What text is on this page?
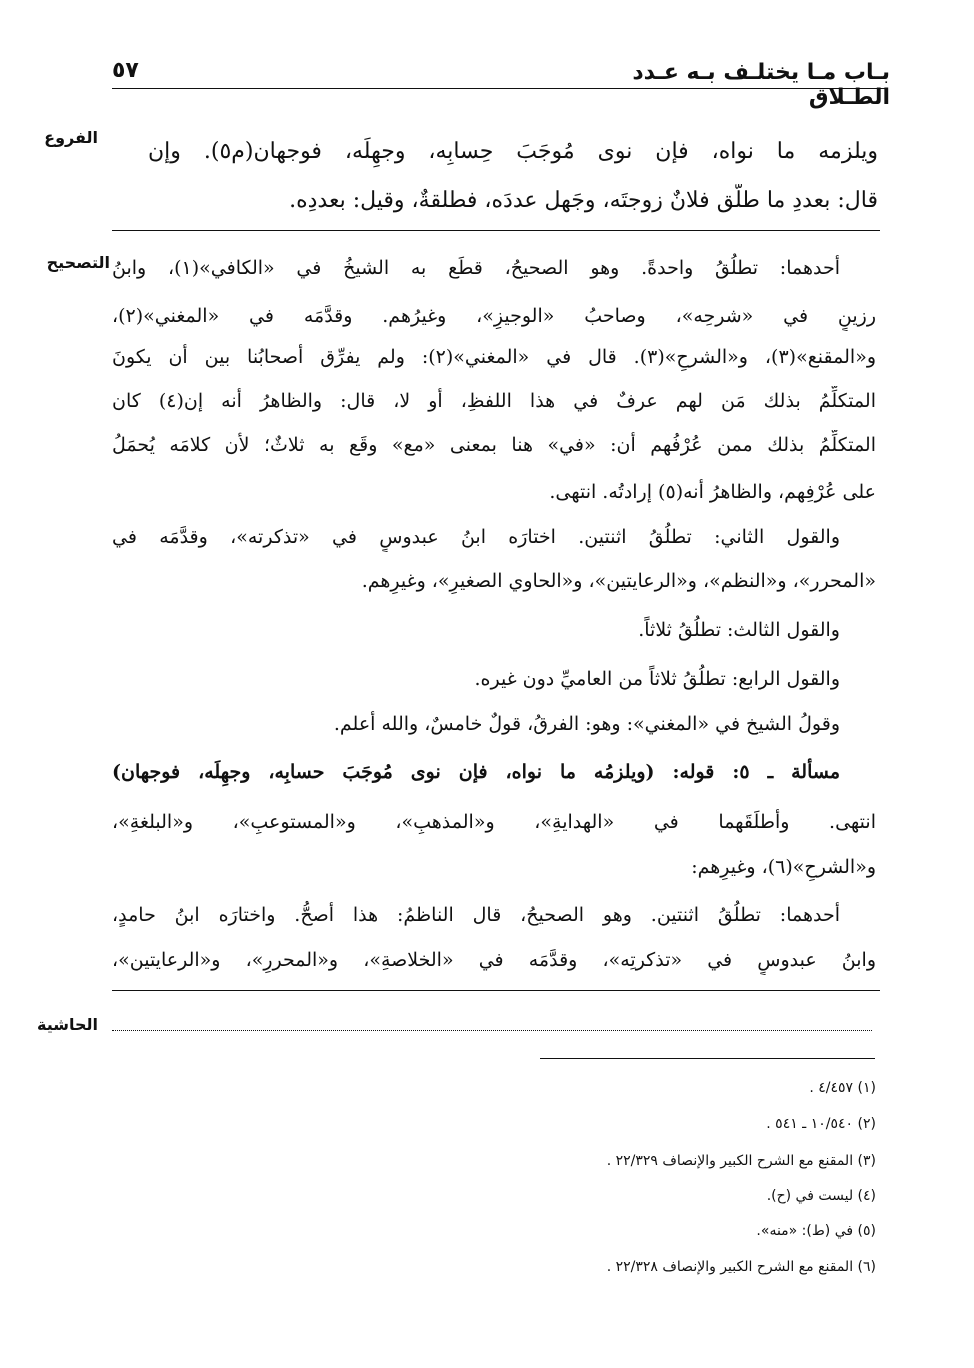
بـاب مـا يختلـف بـه عـدد الطـلاق
٥٧
الفروع
التصحيح
الحاشية
ويلزمه ما نواه، فإن نوى مُوجَبَ حِسابِه، وجهِلَه، فوجهان(م٥). وإن
قال: بعددِ ما طلَّق فلانٌ زوجتَه، وجَهل عددَه، فطلقةٌ، وقيل: بعددِه.
أحدهما: تطلُقُ واحدةً. وهو الصحيحُ، قطَع به الشيخُ في «الكافي»(١)، وابنُ
رزينٍ في «شرحِه»، وصاحبُ «الوجيزِ»، وغيرُهم. وقدَّمَه في «المغني»(٢)،
و«المقنع»(٣)، و«الشرحِ»(٣). قال في «المغني»(٢): ولم يفرِّق أصحابُنا بين أن يكونَ
المتكلِّمُ بذلك مَن لهم عرفٌ في هذا اللفظِ، أو لا، قال: والظاهرُ أنه إن(٤) كان
المتكلِّمُ بذلك ممن عُرْفُهم أن: «في» هنا بمعنى «مع» وقَع به ثلاثٌ؛ لأن كلامَه يُحمَلُ
على عُرْفِهم، والظاهرُ أنه(٥) إرادتُه. انتهى.
والقول الثاني: تطلُقُ اثنتين. اختارَه ابنُ عبدوسٍ في «تذكرته»، وقدَّمَه في
«المحرر»، و«النظم»، و«الرعايتين»، و«الحاوي الصغيرِ»، وغيرِهم.
والقول الثالث: تطلُقُ ثلاثاً.
والقول الرابع: تطلُقُ ثلاثاً من العاميِّ دون غيره.
وقولُ الشيخ في «المغني»: وهو: الفرقُ، قولٌ خامسٌ، والله أعلم.
مسألة ـ ٥: قوله: (ويلزمُه ما نواه، فإن نوى مُوجَبَ حسابِه، وجهِلَه، فوجهان)
انتهى. وأطلَقَهما في «الهدايةِ»، و«المذهبِ»، و«المستوعبِ»، و«البلغةِ»،
و«الشرحِ»(٦)، وغيرِهم:
أحدهما: تطلُقُ اثنتين. وهو الصحيحُ، قال الناظمُ: هذا أصحُّ. واختارَه ابنُ حامدٍ،
وابنُ عبدوسٍ في «تذكرتِه»، وقدَّمَه في «الخلاصةِ»، و«المحررِ»، و«الرعايتين»،
(١) ٤/٤٥٧ .
(٢) ١٠/٥٤٠ ـ ٥٤١ .
(٣) المقنع مع الشرح الكبير والإنصاف ٢٢/٣٢٩ .
(٤) ليست في (ح).
(٥) في (ط): «منه».
(٦) المقنع مع الشرح الكبير والإنصاف ٢٢/٣٢٨ .
